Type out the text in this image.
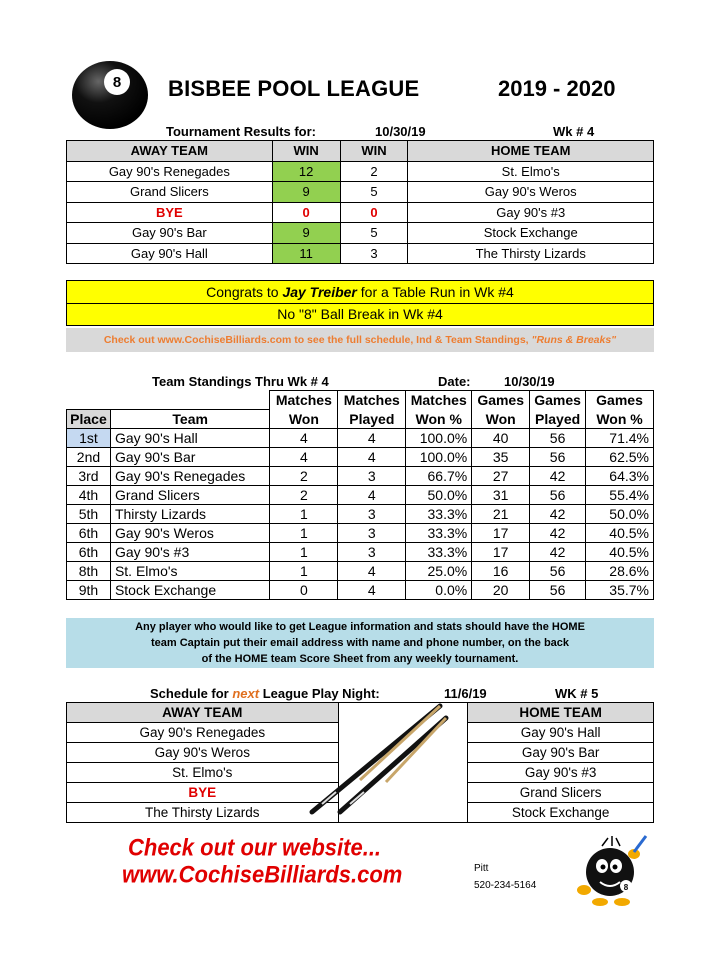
8 BISBEE POOL LEAGUE	2019 - 2020
Tournament Results for:	10/30/19	Wk # 4
AWAY TEAM	WIN	WIN	HOME TEAM
Gay 90's Renegades	12	2	St. Elmo's
Grand Slicers	9	5	Gay 90's Weros
BYE	0	0	Gay 90's #3
Gay 90's Bar	9	5	Stock Exchange
Gay 90's Hall	11	3	The Thirsty Lizards
Congrats to Jay Treiber for a Table Run in Wk #4
No "8" Ball Break in Wk #4
Check out www.CochiseBilliards.com to see the full schedule, Ind & Team Standings, "Runs & Breaks"
Team Standings Thru Wk # 4	Date:	10/30/19
		Matches	Matches	Matches	Games	Games	Games
Place	Team	Won	Played	Won %	Won	Played	Won %
1st	Gay 90's Hall	4	4	100.0%	40	56	71.4%
2nd	Gay 90's Bar	4	4	100.0%	35	56	62.5%
3rd	Gay 90's Renegades	2	3	66.7%	27	42	64.3%
4th	Grand Slicers	2	4	50.0%	31	56	55.4%
5th	Thirsty Lizards	1	3	33.3%	21	42	50.0%
6th	Gay 90's Weros	1	3	33.3%	17	42	40.5%
6th	Gay 90's #3	1	3	33.3%	17	42	40.5%
8th	St. Elmo's	1	4	25.0%	16	56	28.6%
9th	Stock Exchange	0	4	0.0%	20	56	35.7%
Any player who would like to get League information and stats should have the HOME
team Captain put their email address with name and phone number, on the back
of the HOME team Score Sheet from any weekly tournament.
Schedule for next League Play Night:	11/6/19	WK # 5
AWAY TEAM		HOME TEAM
Gay 90's Renegades		Gay 90's Hall
Gay 90's Weros		Gay 90's Bar
St. Elmo's		Gay 90's #3
BYE		Grand Slicers
The Thirsty Lizards		Stock Exchange
Check out our website...
www.CochiseBilliards.com	Pitt
520-234-5164	8
